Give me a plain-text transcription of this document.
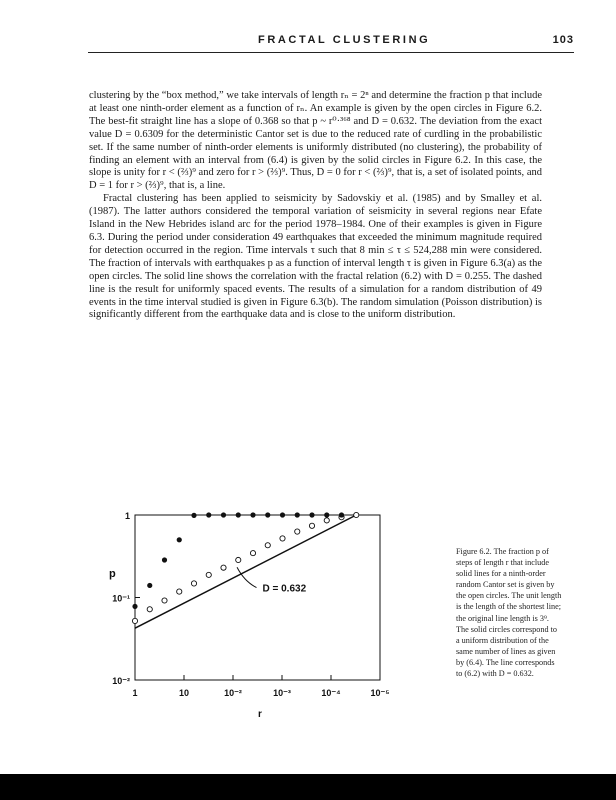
FRACTAL CLUSTERING	103

clustering by the “box method,” we take intervals of length rₙ = 2ⁿ and determine the fraction p that include at least one ninth-order element as a function of rₙ. An example is given by the open circles in Figure 6.2. The best-fit straight line has a slope of 0.368 so that p ~ r⁰·³⁶⁸ and D = 0.632. The deviation from the exact value D = 0.6309 for the deterministic Cantor set is due to the reduced rate of curdling in the probabilistic set. If the same number of ninth-order elements is uniformly distributed (no clustering), the probability of finding an element with an interval from (6.4) is given by the solid circles in Figure 6.2. In this case, the slope is unity for r < (⅔)⁹ and zero for r > (⅔)⁹. Thus, D = 0 for r < (⅔)⁹, that is, a set of isolated points, and D = 1 for r > (⅔)⁹, that is, a line.

Fractal clustering has been applied to seismicity by Sadovskiy et al. (1985) and by Smalley et al. (1987). The latter authors considered the temporal variation of seismicity in several regions near Efate Island in the New Hebrides island arc for the period 1978–1984. One of their examples is given in Figure 6.3. During the period under consideration 49 earthquakes that exceeded the minimum magnitude required for detection occurred in the region. Time intervals τ such that 8 min ≤ τ ≤ 524,288 min were considered. The fraction of intervals with earthquakes p as a function of interval length τ is given in Figure 6.3(a) as the open circles. The solid line shows the correlation with the fractal relation (6.2) with D = 0.255. The dashed line is the result for uniformly spaced events. The results of a simulation for a random distribution of 49 events in the time interval studied is given in Figure 6.3(b). The random simulation (Poisson distribution) is significantly different from the earthquake data and is close to the uniform distribution.

1	10	10⁻²	10⁻³	10⁻⁴	10⁻⁵
1
10⁻¹
10⁻²
p
r
D = 0.632
Figure 6.2. The fraction p of steps of length r that include solid lines for a ninth-order random Cantor set is given by the open circles. The unit length is the length of the shortest line; the original line length is 3⁹. The solid circles correspond to a uniform distribution of the same number of lines as given by (6.4). The line corresponds to (6.2) with D = 0.632.
